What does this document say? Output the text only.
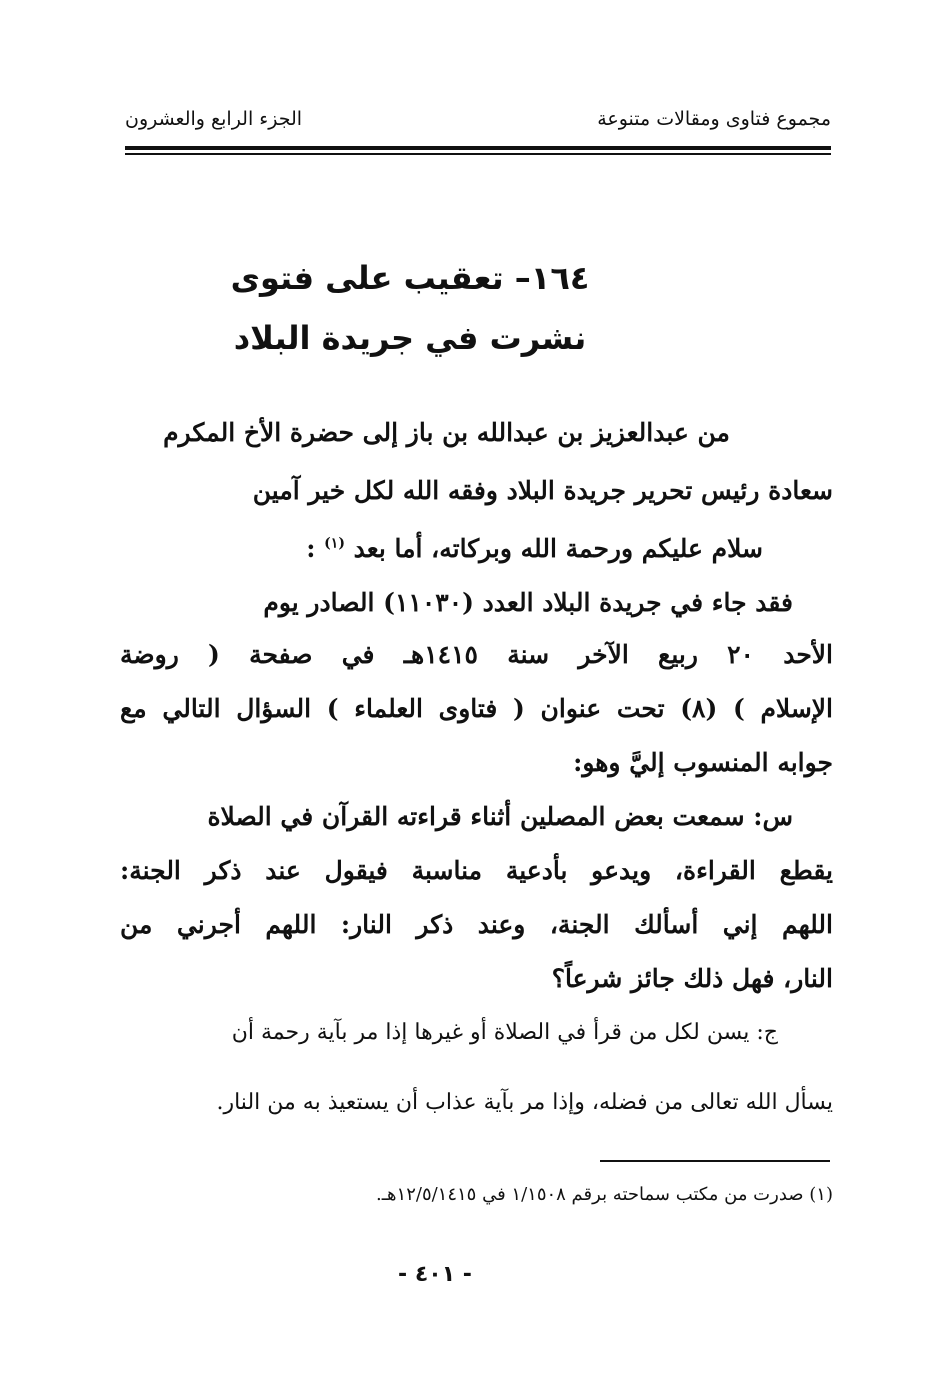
مجموع فتاوى ومقالات متنوعة
الجزء الرابع والعشرون
١٦٤– تعقيب على فتوى
نشرت في جريدة البلاد
من عبدالعزيز بن عبدالله بن باز إلى حضرة الأخ المكرم
سعادة رئيس تحرير جريدة البلاد وفقه الله لكل خير آمين
سلام عليكم ورحمة الله وبركاته، أما بعد $^{(١)}$ :
فقد جاء في جريدة البلاد العدد (١١٠٣٠) الصادر يوم
الأحد ٢٠ ربيع الآخر سنة ١٤١٥هـ في صفحة ( روضة
الإسلام ) (٨) تحت عنوان ( فتاوى العلماء ) السؤال التالي مع
جوابه المنسوب إليَّ وهو:
س: سمعت بعض المصلين أثناء قراءته القرآن في الصلاة
يقطع القراءة، ويدعو بأدعية مناسبة فيقول عند ذكر الجنة:
اللهم إني أسألك الجنة، وعند ذكر النار: اللهم أجرني من
النار، فهل ذلك جائز شرعاً؟
ج: يسن لكل من قرأ في الصلاة أو غيرها إذا مر بآية رحمة أن
يسأل الله تعالى من فضله، وإذا مر بآية عذاب أن يستعيذ به من النار.
(١) صدرت من مكتب سماحته برقم ١/١٥٠٨ في ١٢/٥/١٤١٥هـ.
- ٤٠١ -
